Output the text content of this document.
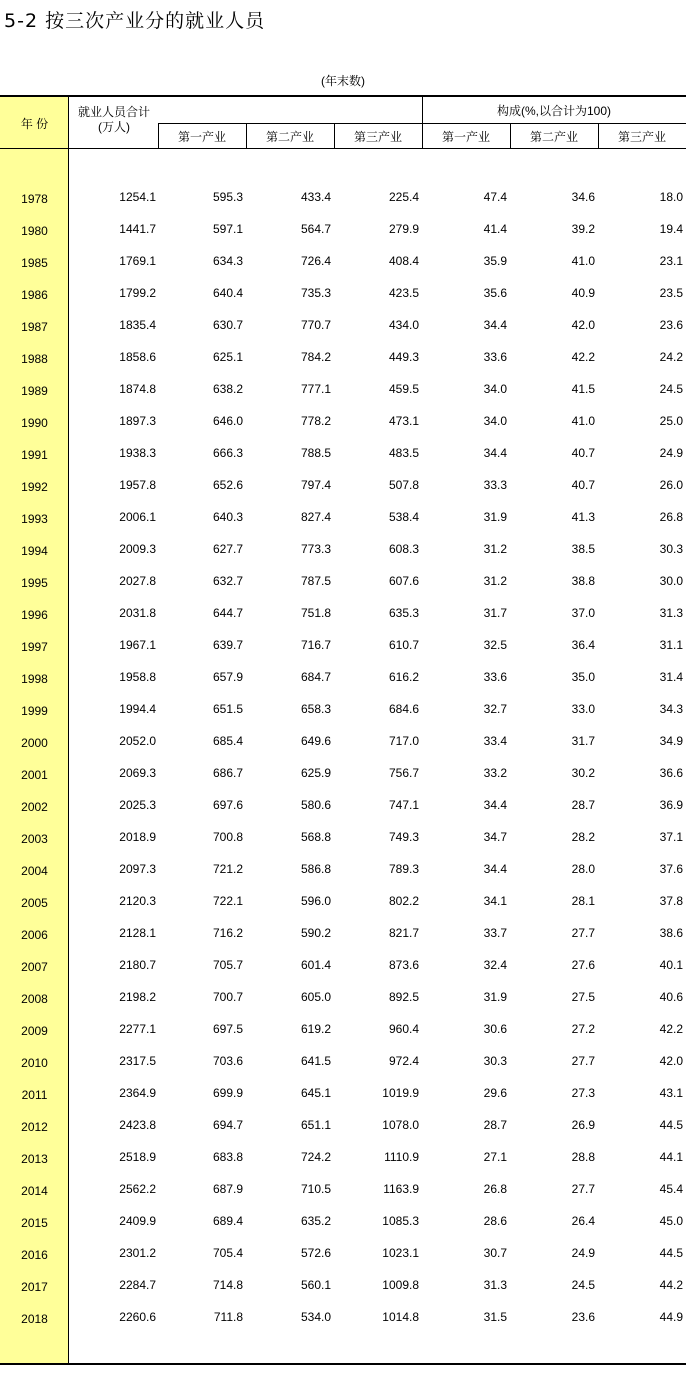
5-2 按三次产业分的就业人员
(年末数)
年 份
就业人员合计
(万人)
构成(%,以合计为100)
第一产业	第二产业	第三产业	第一产业	第二产业	第三产业
1978	1254.1	595.3	433.4	225.4	47.4	34.6	18.0
1980	1441.7	597.1	564.7	279.9	41.4	39.2	19.4
1985	1769.1	634.3	726.4	408.4	35.9	41.0	23.1
1986	1799.2	640.4	735.3	423.5	35.6	40.9	23.5
1987	1835.4	630.7	770.7	434.0	34.4	42.0	23.6
1988	1858.6	625.1	784.2	449.3	33.6	42.2	24.2
1989	1874.8	638.2	777.1	459.5	34.0	41.5	24.5
1990	1897.3	646.0	778.2	473.1	34.0	41.0	25.0
1991	1938.3	666.3	788.5	483.5	34.4	40.7	24.9
1992	1957.8	652.6	797.4	507.8	33.3	40.7	26.0
1993	2006.1	640.3	827.4	538.4	31.9	41.3	26.8
1994	2009.3	627.7	773.3	608.3	31.2	38.5	30.3
1995	2027.8	632.7	787.5	607.6	31.2	38.8	30.0
1996	2031.8	644.7	751.8	635.3	31.7	37.0	31.3
1997	1967.1	639.7	716.7	610.7	32.5	36.4	31.1
1998	1958.8	657.9	684.7	616.2	33.6	35.0	31.4
1999	1994.4	651.5	658.3	684.6	32.7	33.0	34.3
2000	2052.0	685.4	649.6	717.0	33.4	31.7	34.9
2001	2069.3	686.7	625.9	756.7	33.2	30.2	36.6
2002	2025.3	697.6	580.6	747.1	34.4	28.7	36.9
2003	2018.9	700.8	568.8	749.3	34.7	28.2	37.1
2004	2097.3	721.2	586.8	789.3	34.4	28.0	37.6
2005	2120.3	722.1	596.0	802.2	34.1	28.1	37.8
2006	2128.1	716.2	590.2	821.7	33.7	27.7	38.6
2007	2180.7	705.7	601.4	873.6	32.4	27.6	40.1
2008	2198.2	700.7	605.0	892.5	31.9	27.5	40.6
2009	2277.1	697.5	619.2	960.4	30.6	27.2	42.2
2010	2317.5	703.6	641.5	972.4	30.3	27.7	42.0
2011	2364.9	699.9	645.1	1019.9	29.6	27.3	43.1
2012	2423.8	694.7	651.1	1078.0	28.7	26.9	44.5
2013	2518.9	683.8	724.2	1110.9	27.1	28.8	44.1
2014	2562.2	687.9	710.5	1163.9	26.8	27.7	45.4
2015	2409.9	689.4	635.2	1085.3	28.6	26.4	45.0
2016	2301.2	705.4	572.6	1023.1	30.7	24.9	44.5
2017	2284.7	714.8	560.1	1009.8	31.3	24.5	44.2
2018	2260.6	711.8	534.0	1014.8	31.5	23.6	44.9
